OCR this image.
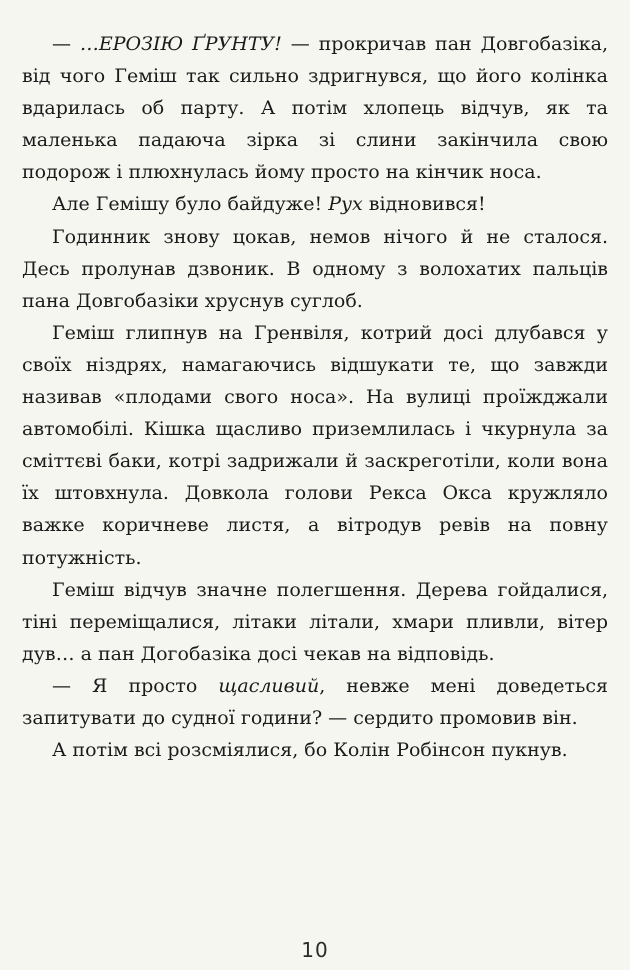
— …ЕРОЗІЮ ҐРУНТУ! — прокричав пан Довгобазіка, від чого Геміш так сильно здригнувся, що його колінка вдарилась об парту. А потім хлопець відчув, як та маленька падаюча зірка зі слини закінчила свою подорож і плюхнулась йому просто на кінчик носа.

Але Гемішу було байдуже! Рух відновився!

Годинник знову цокав, немов нічого й не сталося. Десь пролунав дзвоник. В одному з волохатих пальців пана Довгобазіки хруснув суглоб.

Геміш глипнув на Гренвіля, котрий досі длубався у своїх ніздрях, намагаючись відшукати те, що завжди називав «плодами свого носа». На вулиці проїжджали автомобілі. Кішка щасливо приземлилась і чкурнула за сміттєві баки, котрі задрижали й заскреготіли, коли вона їх штовхнула. Довкола голови Рекса Окса кружляло важке коричневе листя, а вітродув ревів на повну потужність.

Геміш відчув значне полегшення. Дерева гойдалися, тіні переміщалися, літаки літали, хмари пливли, вітер дув… а пан Догобазіка досі чекав на відповідь.

— Я просто щасливий, невже мені доведеться запитувати до судної години? — сердито промовив він.

А потім всі розсміялися, бо Колін Робінсон пукнув.

10
